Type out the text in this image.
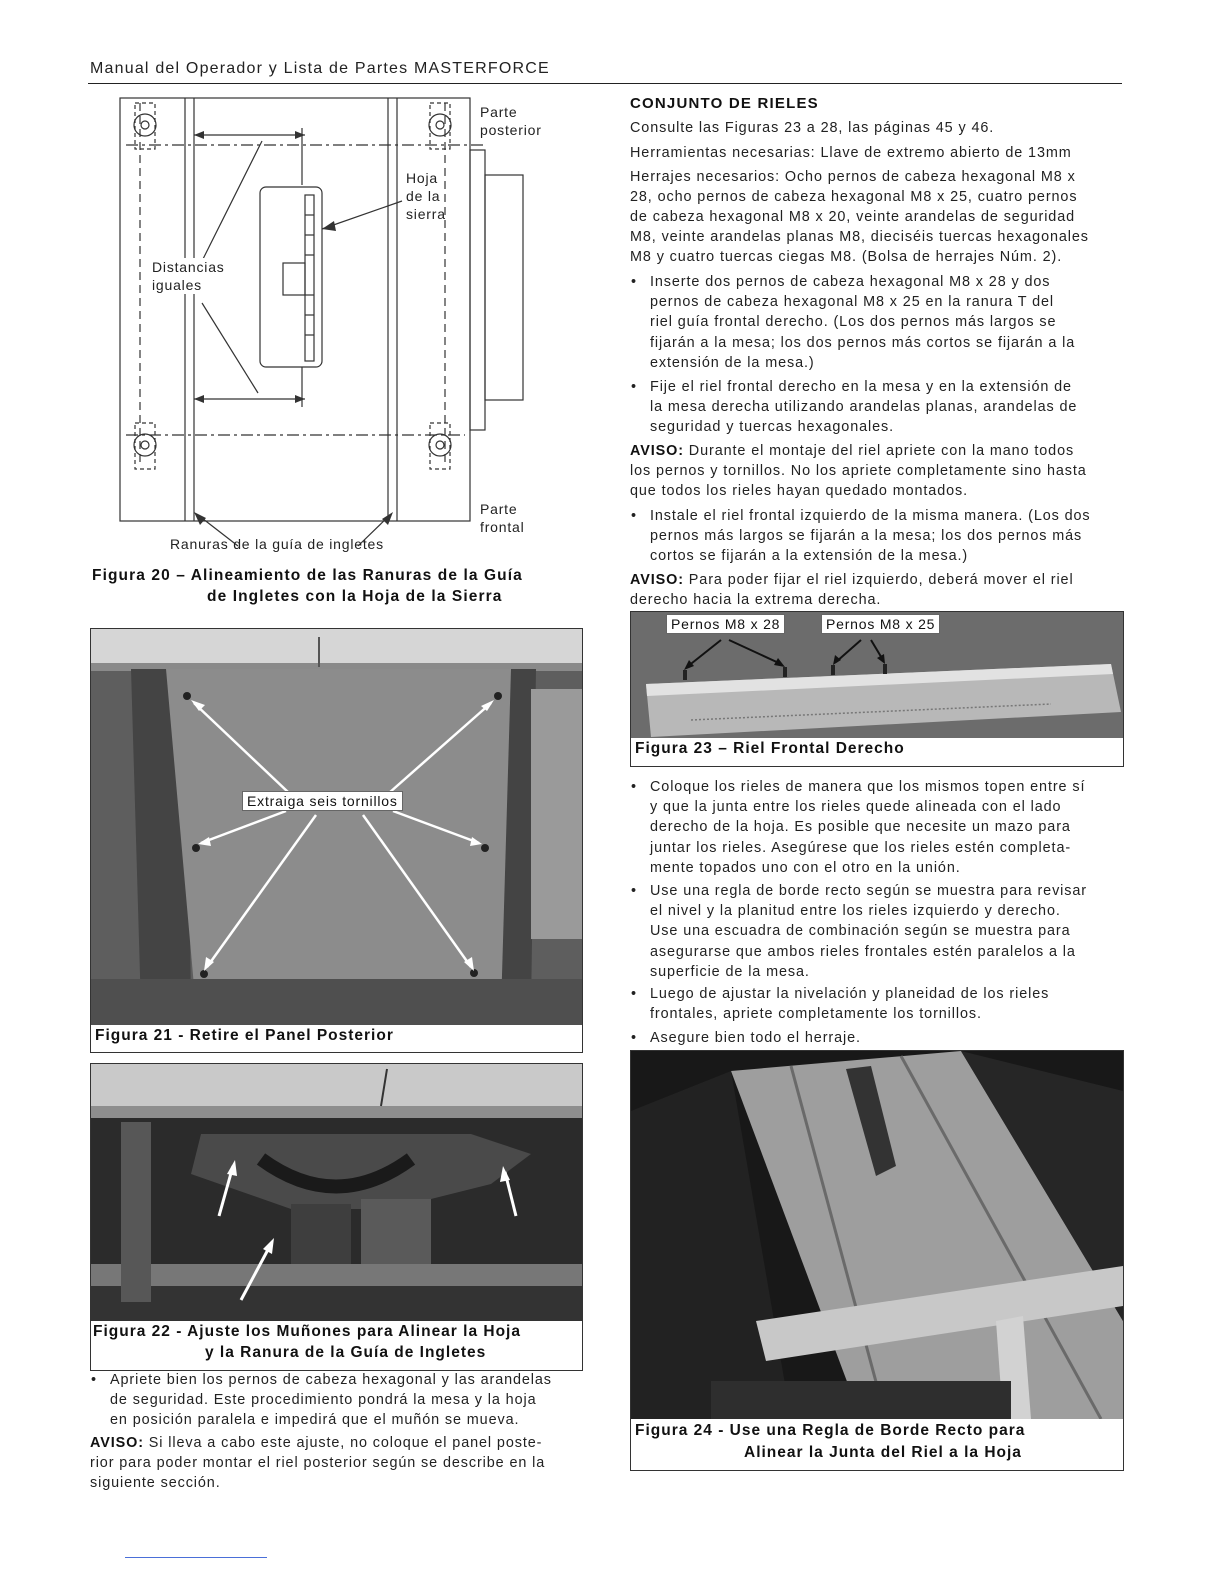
Manual del Operador y Lista de Partes MASTERFORCE
Parte
posterior
Hoja
de la
sierra
Distancias
iguales
Parte
frontal
Ranuras de la guía de ingletes
Figura 20 – Alineamiento de las Ranuras de la Guía
de Ingletes con la Hoja de la Sierra
Extraiga seis tornillos
Figura 21 - Retire el Panel Posterior
Figura 22 - Ajuste los Muñones para Alinear la Hoja
y la Ranura de la Guía de Ingletes
• Apriete bien los pernos de cabeza hexagonal y las arandelas
de seguridad. Este procedimiento pondrá la mesa y la hoja
en posición paralela e impedirá que el muñón se mueva.
AVISO: Si lleva a cabo este ajuste, no coloque el panel poste-
rior para poder montar el riel posterior según se describe en la
siguiente sección.
CONJUNTO DE RIELES
Consulte las Figuras 23 a 28, las páginas 45 y 46.
Herramientas necesarias: Llave de extremo abierto de 13mm
Herrajes necesarios: Ocho pernos de cabeza hexagonal M8 x
28, ocho pernos de cabeza hexagonal M8 x 25, cuatro pernos
de cabeza hexagonal M8 x 20, veinte arandelas de seguridad
M8, veinte arandelas planas M8, dieciséis tuercas hexagonales
M8 y cuatro tuercas ciegas M8. (Bolsa de herrajes Núm. 2).
• Inserte dos pernos de cabeza hexagonal M8 x 28 y dos
pernos de cabeza hexagonal M8 x 25 en la ranura T del
riel guía frontal derecho. (Los dos pernos más largos se
fijarán a la mesa; los dos pernos más cortos se fijarán a la
extensión de la mesa.)
• Fije el riel frontal derecho en la mesa y en la extensión de
la mesa derecha utilizando arandelas planas, arandelas de
seguridad y tuercas hexagonales.
AVISO: Durante el montaje del riel apriete con la mano todos
los pernos y tornillos. No los apriete completamente sino hasta
que todos los rieles hayan quedado montados.
• Instale el riel frontal izquierdo de la misma manera. (Los dos
pernos más largos se fijarán a la mesa; los dos pernos más
cortos se fijarán a la extensión de la mesa.)
AVISO: Para poder fijar el riel izquierdo, deberá mover el riel
derecho hacia la extrema derecha.
Pernos M8 x 28	Pernos M8 x 25
Figura 23 – Riel Frontal Derecho
• Coloque los rieles de manera que los mismos topen entre sí
y que la junta entre los rieles quede alineada con el lado
derecho de la hoja. Es posible que necesite un mazo para
juntar los rieles. Asegúrese que los rieles estén completa-
mente topados uno con el otro en la unión.
• Use una regla de borde recto según se muestra para revisar
el nivel y la planitud entre los rieles izquierdo y derecho.
Use una escuadra de combinación según se muestra para
asegurarse que ambos rieles frontales estén paralelos a la
superficie de la mesa.
• Luego de ajustar la nivelación y planeidad de los rieles
frontales, apriete completamente los tornillos.
• Asegure bien todo el herraje.
Figura 24 - Use una Regla de Borde Recto para
Alinear la Junta del Riel a la Hoja
